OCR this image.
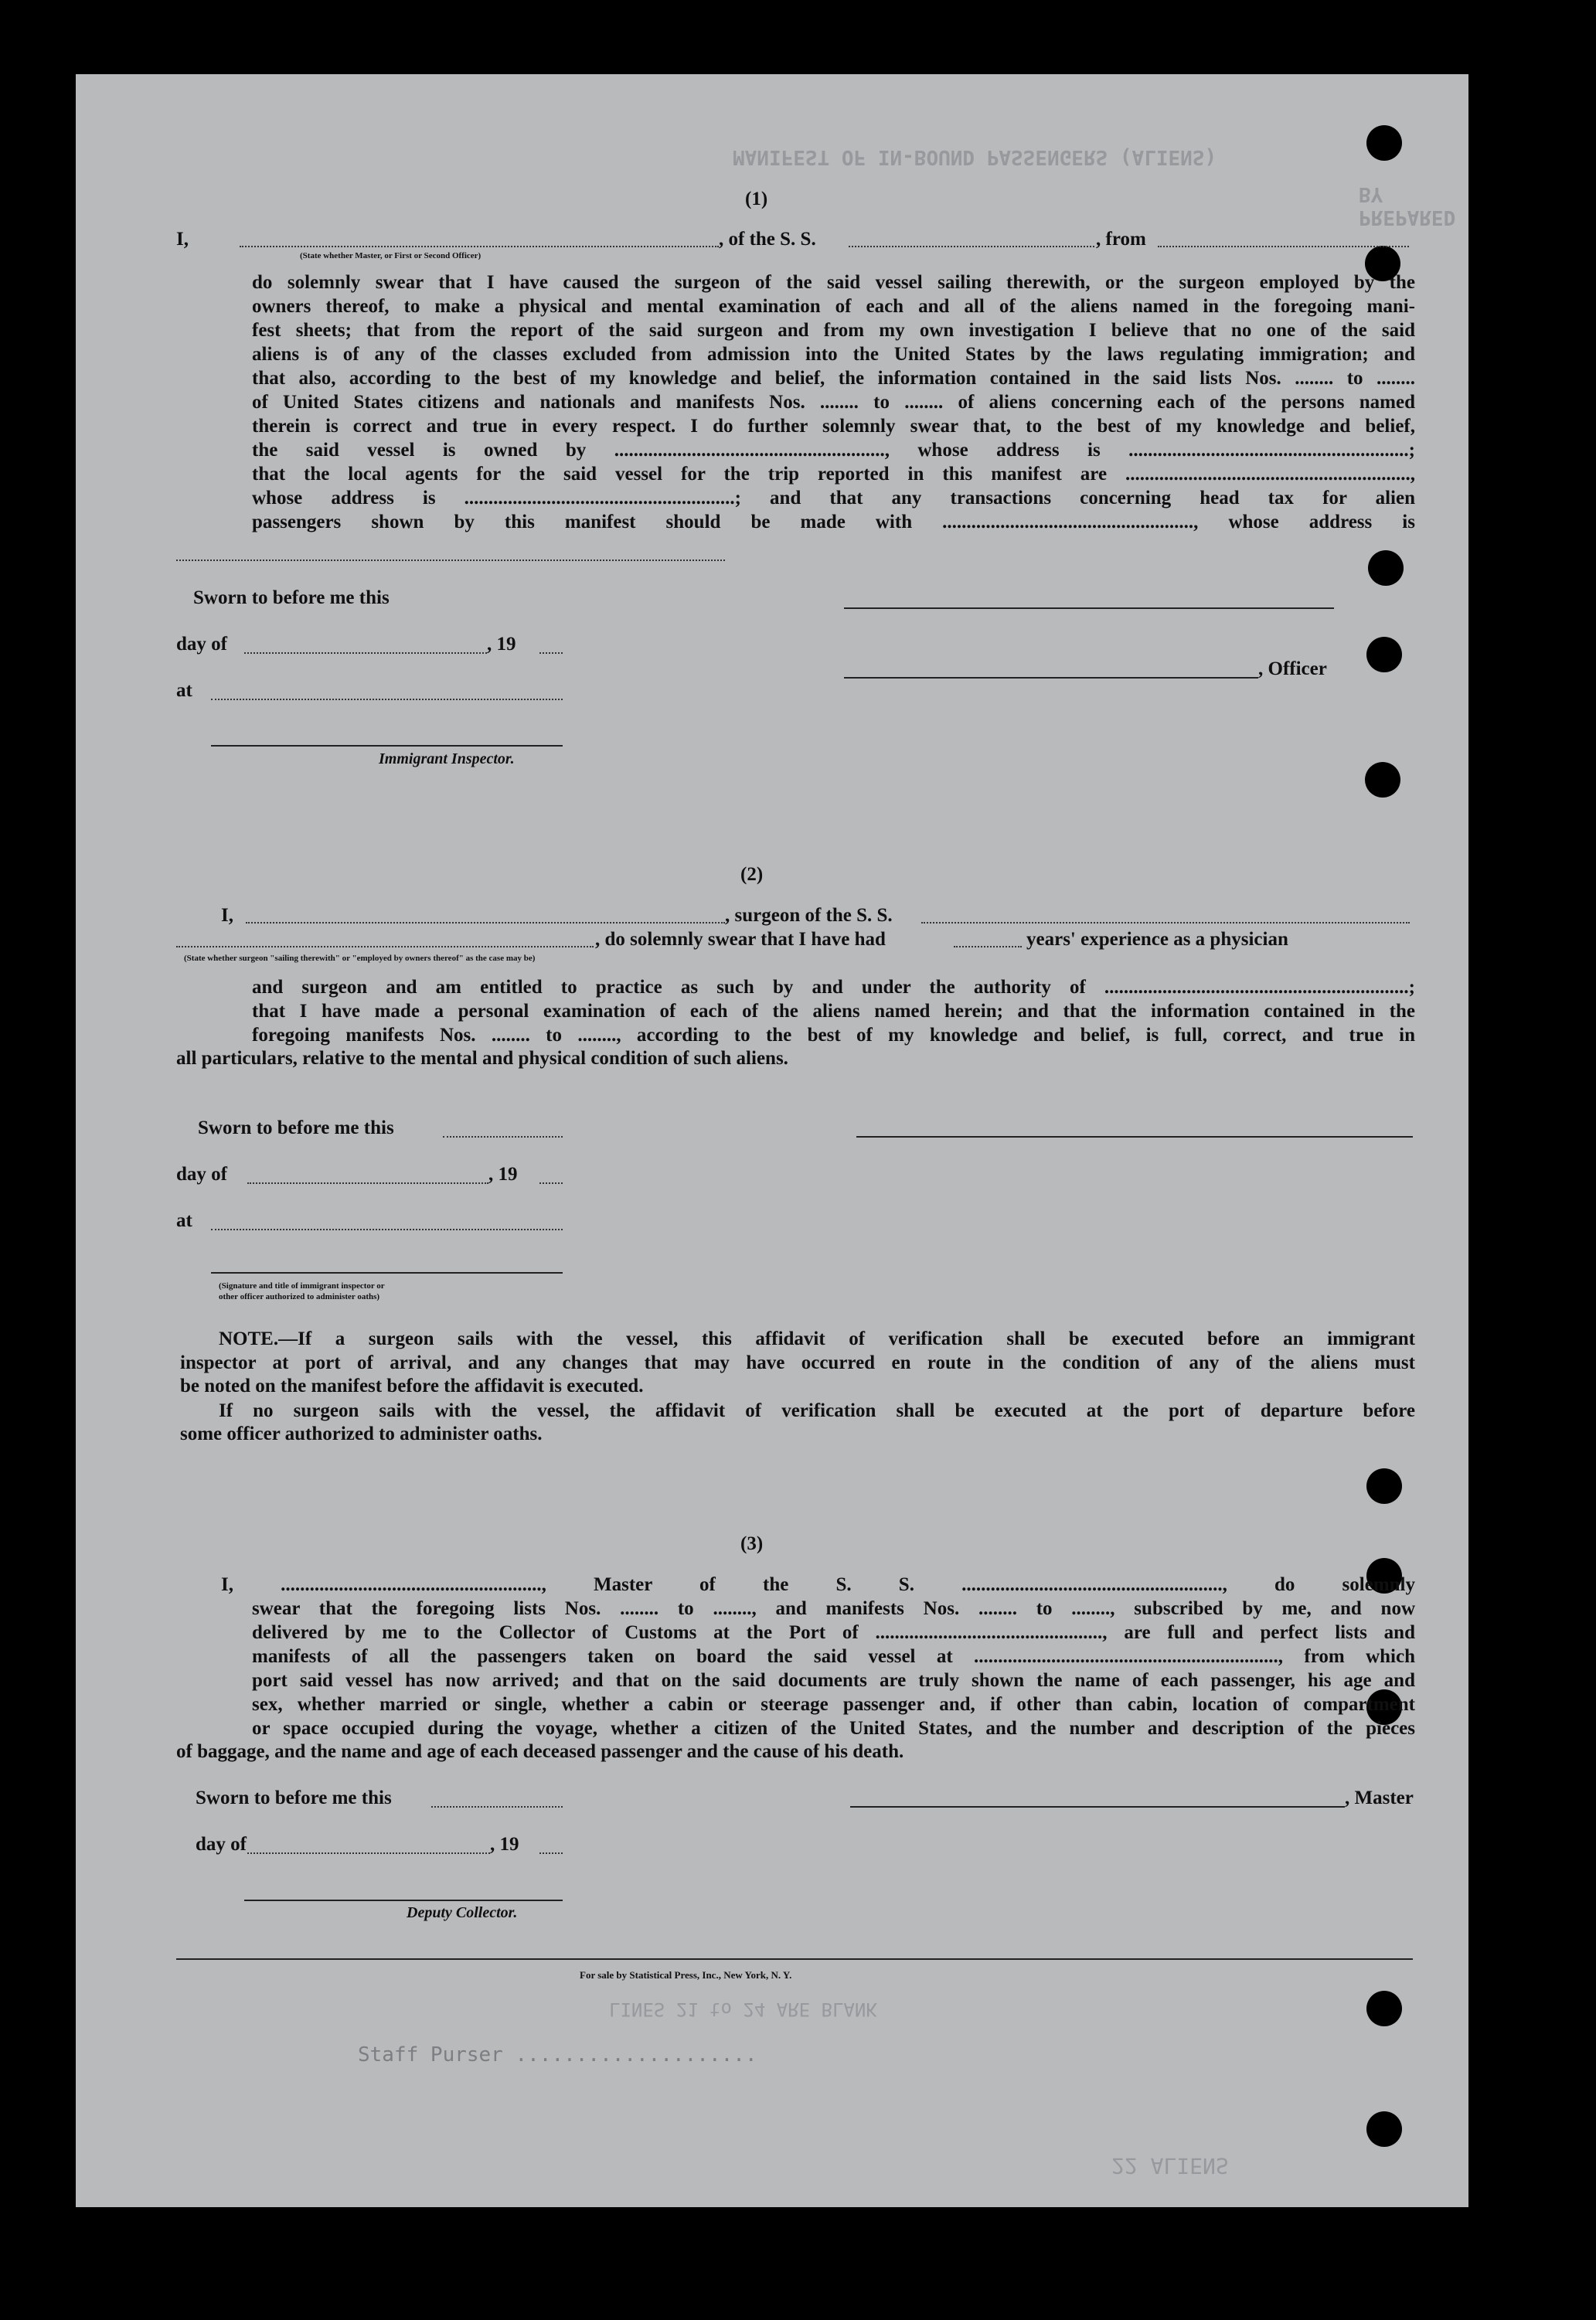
MANIFEST OF IN-BOUND PASSENGERS (ALIENS)
PREPARED BY
LINES 21 to 24 ARE BLANK
Staff Purser ....................
22 ALIENS
(1)
I,
(State whether Master, or First or Second Officer)
, of the S. S.	, from
do solemnly swear that I have caused the surgeon of the said vessel sailing therewith, or the surgeon employed by the
owners thereof, to make a physical and mental examination of each and all of the aliens named in the foregoing mani-
fest sheets; that from the report of the said surgeon and from my own investigation I believe that no one of the said
aliens is of any of the classes excluded from admission into the United States by the laws regulating immigration; and
that also, according to the best of my knowledge and belief, the information contained in the said lists Nos. ........ to ........
of United States citizens and nationals and manifests Nos. ........ to ........ of aliens concerning each of the persons named
therein is correct and true in every respect. I do further solemnly swear that, to the best of my knowledge and belief,
the said vessel is owned by ........................................................, whose address is ..........................................................;
that the local agents for the said vessel for the trip reported in this manifest are ...........................................................,
whose address is ........................................................; and that any transactions concerning head tax for alien
passengers shown by this manifest should be made with ...................................................., whose address is
Sworn to before me this
day of	, 19
, Officer
at
Immigrant Inspector.
(2)
I,	, surgeon of the S. S.
, do solemnly swear that I have had	years' experience as a physician
(State whether surgeon "sailing therewith" or "employed by owners thereof" as the case may be)
and surgeon and am entitled to practice as such by and under the authority of ...............................................................;
that I have made a personal examination of each of the aliens named herein; and that the information contained in the
foregoing manifests Nos. ........ to ........, according to the best of my knowledge and belief, is full, correct, and true in
all particulars, relative to the mental and physical condition of such aliens.
Sworn to before me this
day of	, 19
at
(Signature and title of immigrant inspector or
other officer authorized to administer oaths)
NOTE.—If a surgeon sails with the vessel, this affidavit of verification shall be executed before an immigrant
inspector at port of arrival, and any changes that may have occurred en route in the condition of any of the aliens must
be noted on the manifest before the affidavit is executed.
If no surgeon sails with the vessel, the affidavit of verification shall be executed at the port of departure before
some officer authorized to administer oaths.
(3)
I, ......................................................, Master of the S. S. ......................................................, do solemnly
swear that the foregoing lists Nos. ........ to ........, and manifests Nos. ........ to ........, subscribed by me, and now
delivered by me to the Collector of Customs at the Port of ..............................................., are full and perfect lists and
manifests of all the passengers taken on board the said vessel at ..............................................................., from which
port said vessel has now arrived; and that on the said documents are truly shown the name of each passenger, his age and
sex, whether married or single, whether a cabin or steerage passenger and, if other than cabin, location of compartment
or space occupied during the voyage, whether a citizen of the United States, and the number and description of the pieces
of baggage, and the name and age of each deceased passenger and the cause of his death.
Sworn to before me this	, Master
day of	, 19
Deputy Collector.
For sale by Statistical Press, Inc., New York, N. Y.
